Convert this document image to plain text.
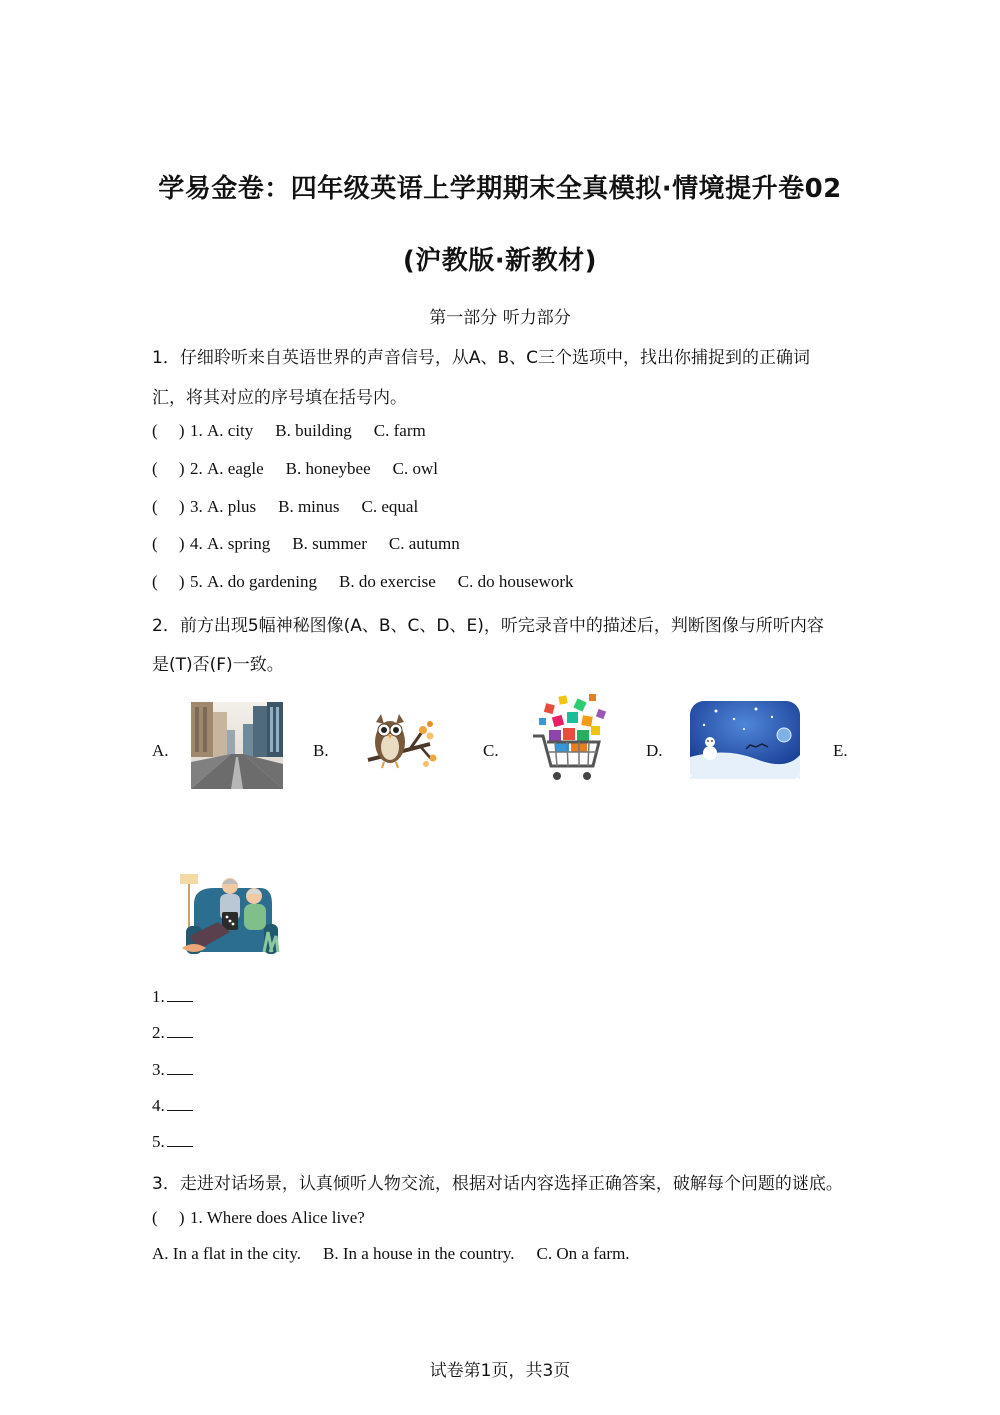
学易金卷：四年级英语上学期期末全真模拟·情境提升卷02
(沪教版·新教材)
第一部分 听力部分
1．仔细聆听来自英语世界的声音信号，从A、B、C三个选项中，找出你捕捉到的正确词
汇，将其对应的序号填在括号内。
(     ) 1. A. city B. building C. farm
(     ) 2. A. eagle B. honeybee C. owl
(     ) 3. A. plus B. minus C. equal
(     ) 4. A. spring B. summer C. autumn
(     ) 5. A. do gardening B. do exercise C. do housework
2．前方出现5幅神秘图像(A、B、C、D、E)，听完录音中的描述后，判断图像与所听内容
是(T)否(F)一致。
A.	B.	C.	D.	E.
1.
2.
3.
4.
5.
3．走进对话场景，认真倾听人物交流，根据对话内容选择正确答案，破解每个问题的谜底。
(     ) 1. Where does Alice live?
A. In a flat in the city. B. In a house in the country. C. On a farm.
试卷第1页，共3页
